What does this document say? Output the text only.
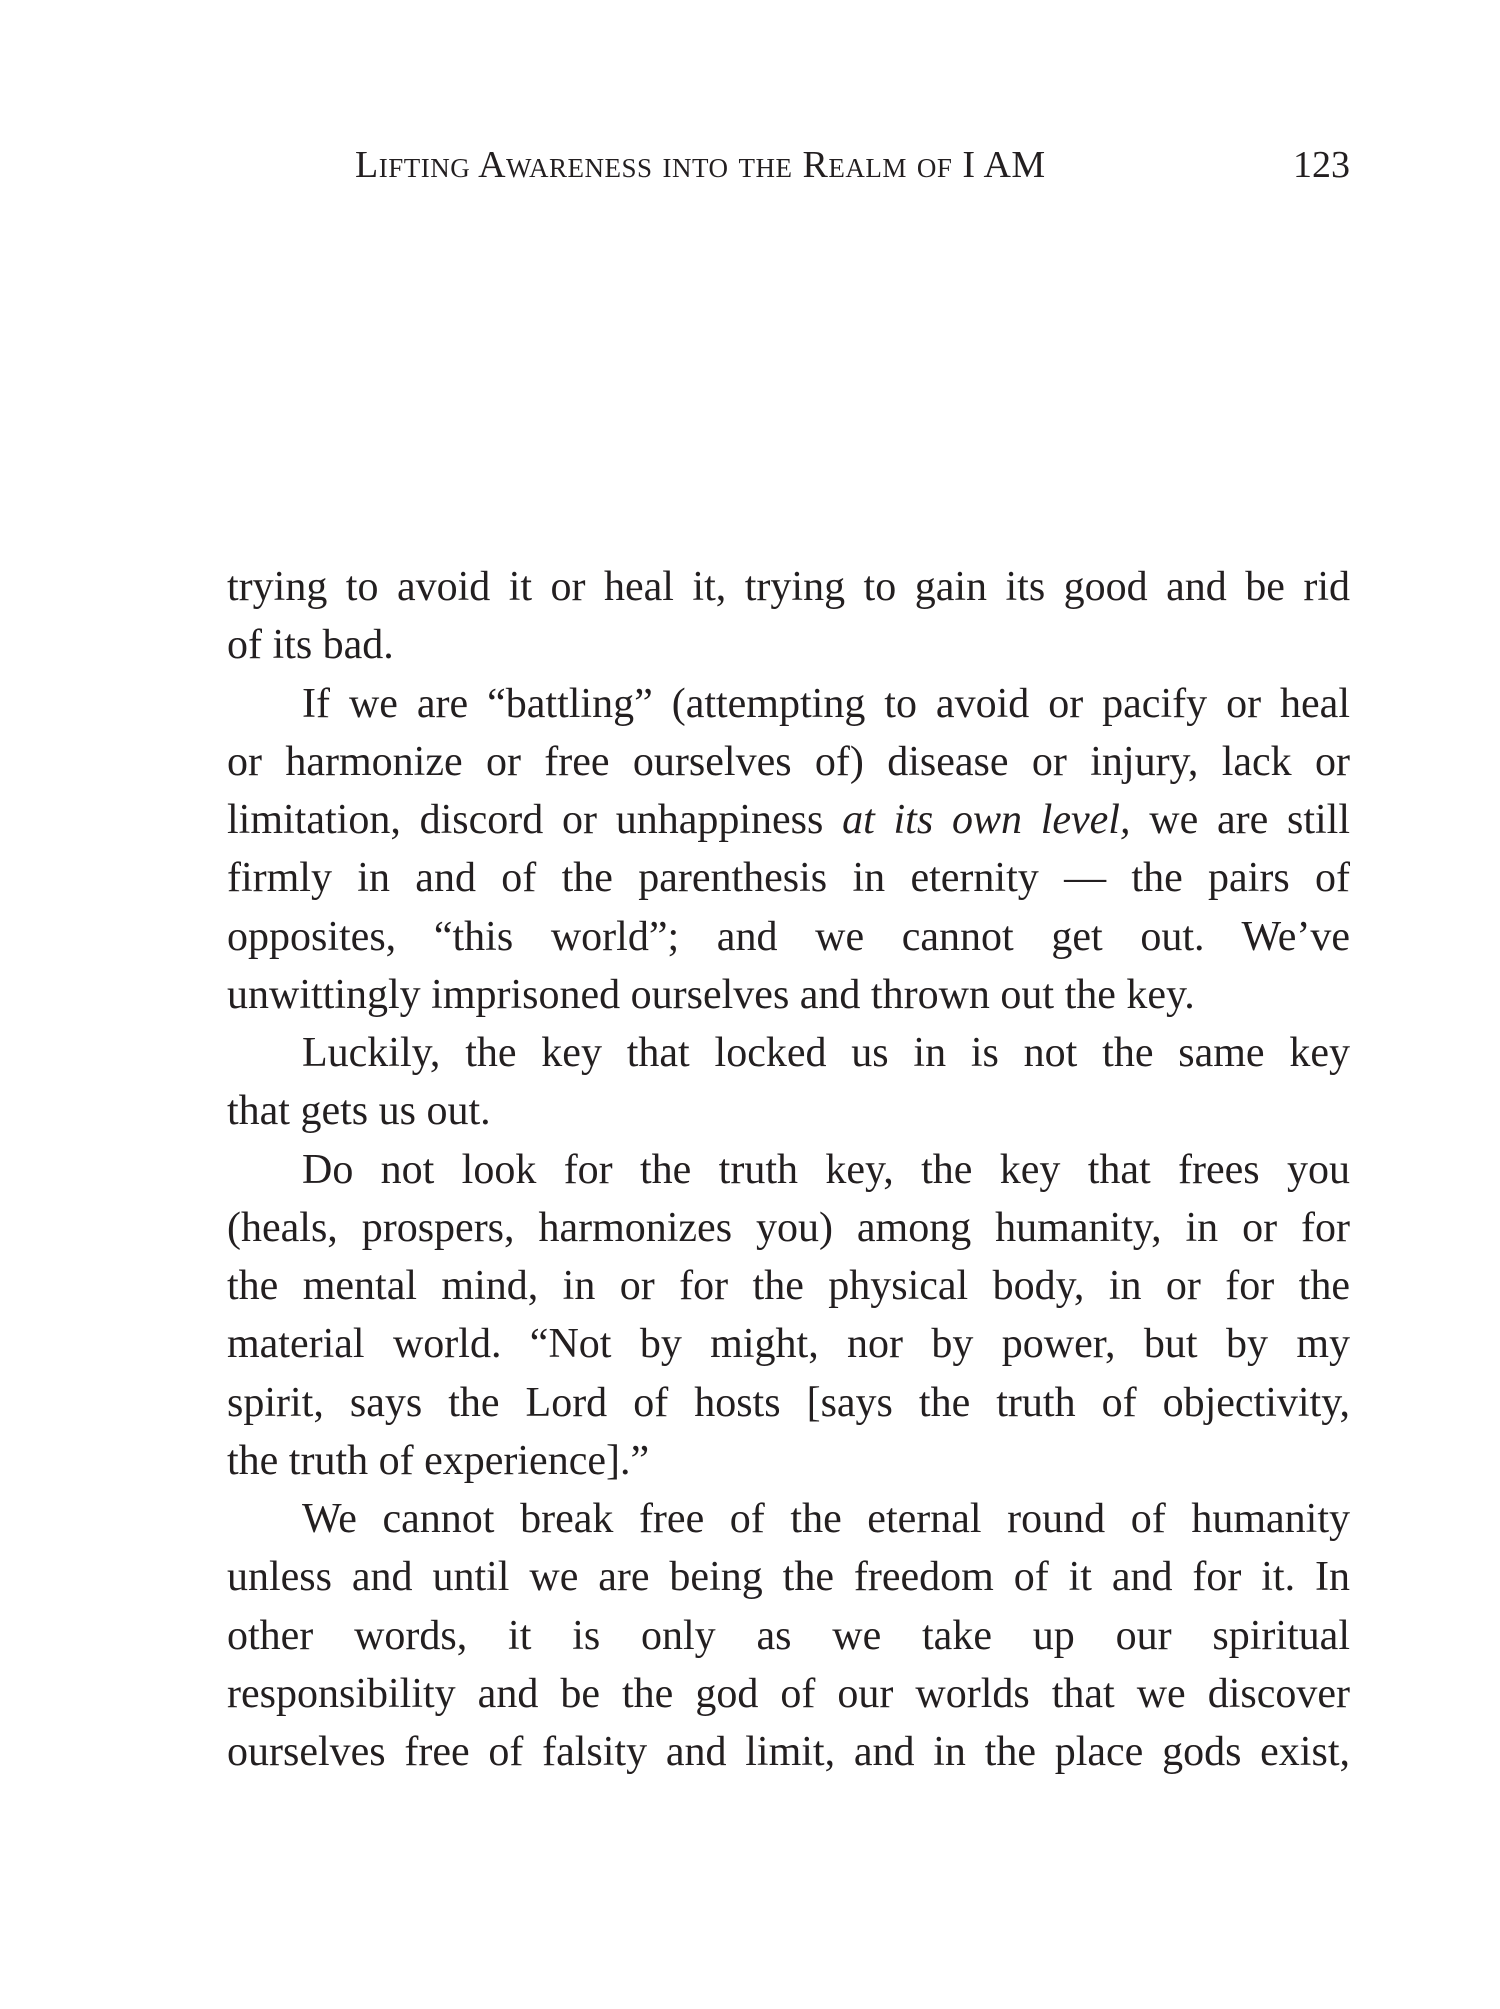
Lifting Awareness into the Realm of I AM	123
trying to avoid it or heal it, trying to gain its good and be rid
of its bad.
If we are “battling” (attempting to avoid or pacify or heal
or harmonize or free ourselves of) disease or injury, lack or
limitation, discord or unhappiness at its own level, we are still
firmly in and of the parenthesis in eternity — the pairs of
opposites, “this world”; and we cannot get out. We’ve
unwittingly imprisoned ourselves and thrown out the key.
Luckily, the key that locked us in is not the same key
that gets us out.
Do not look for the truth key, the key that frees you
(heals, prospers, harmonizes you) among humanity, in or for
the mental mind, in or for the physical body, in or for the
material world. “Not by might, nor by power, but by my
spirit, says the Lord of hosts [says the truth of objectivity,
the truth of experience].”
We cannot break free of the eternal round of humanity
unless and until we are being the freedom of it and for it. In
other words, it is only as we take up our spiritual
responsibility and be the god of our worlds that we discover
ourselves free of falsity and limit, and in the place gods exist,
